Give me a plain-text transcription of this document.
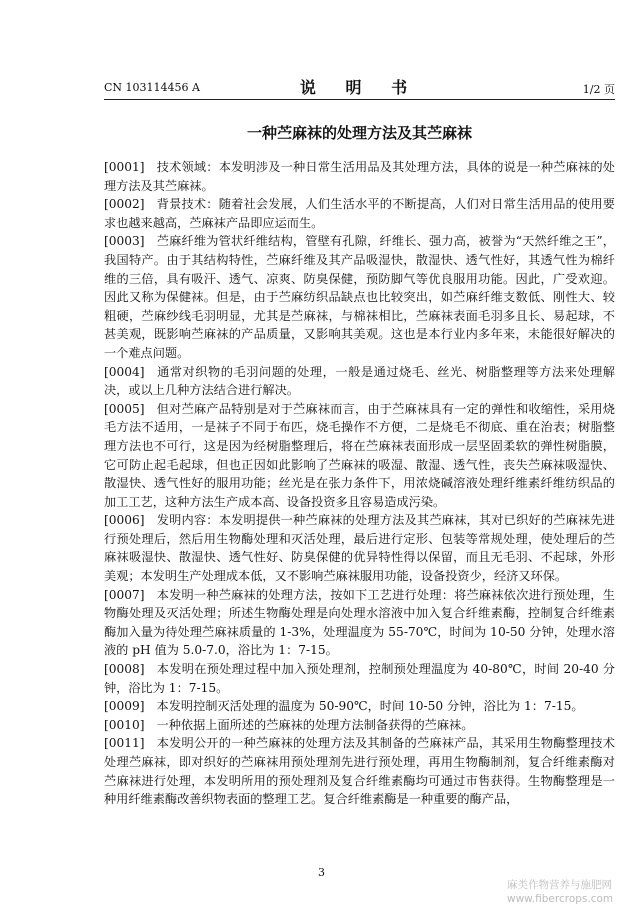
CN 103114456 A	说 明 书	1/2 页
一种苎麻袜的处理方法及其苎麻袜

[0001] 技术领域：本发明涉及一种日常生活用品及其处理方法，具体的说是一种苎麻袜的处理方法及其苎麻袜。

[0002] 背景技术：随着社会发展，人们生活水平的不断提高，人们对日常生活用品的使用要求也越来越高，苎麻袜产品即应运而生。

[0003] 苎麻纤维为管状纤维结构，管壁有孔隙，纤维长、强力高，被誉为“天然纤维之王”，我国特产。由于其结构特性，苎麻纤维及其产品吸湿快，散湿快、透气性好，其透气性为棉纤维的三倍，具有吸汗、透气、凉爽、防臭保健，预防脚气等优良服用功能。因此，广受欢迎。因此又称为保健袜。但是，由于苎麻纺织品缺点也比较突出，如苎麻纤维支数低、刚性大、较粗硬，苎麻纱线毛羽明显，尤其是苎麻袜，与棉袜相比，苎麻袜表面毛羽多且长、易起球，不甚美观，既影响苎麻袜的产品质量，又影响其美观。这也是本行业内多年来，未能很好解决的一个难点问题。

[0004] 通常对织物的毛羽问题的处理，一般是通过烧毛、丝光、树脂整理等方法来处理解决，或以上几种方法结合进行解决。

[0005] 但对苎麻产品特别是对于苎麻袜而言，由于苎麻袜具有一定的弹性和收缩性，采用烧毛方法不适用，一是袜子不同于布匹，烧毛操作不方便，二是烧毛不彻底、重在治表；树脂整理方法也不可行，这是因为经树脂整理后，将在苎麻袜表面形成一层坚固柔软的弹性树脂膜，它可防止起毛起球，但也正因如此影响了苎麻袜的吸湿、散湿、透气性，丧失苎麻袜吸湿快、散湿快、透气性好的服用功能；丝光是在张力条件下，用浓烧碱溶液处理纤维素纤维纺织品的加工工艺，这种方法生产成本高、设备投资多且容易造成污染。

[0006] 发明内容：本发明提供一种苎麻袜的处理方法及其苎麻袜，其对已织好的苎麻袜先进行预处理后，然后用生物酶处理和灭活处理，最后进行定形、包装等常规处理，使处理后的苎麻袜吸湿快、散湿快、透气性好、防臭保健的优异特性得以保留，而且无毛羽、不起球，外形美观；本发明生产处理成本低，又不影响苎麻袜服用功能，设备投资少，经济又环保。

[0007] 本发明一种苎麻袜的处理方法，按如下工艺进行处理：将苎麻袜依次进行预处理，生物酶处理及灭活处理；所述生物酶处理是向处理水溶液中加入复合纤维素酶，控制复合纤维素酶加入量为待处理苎麻袜质量的 1-3%，处理温度为 55-70℃，时间为 10-50 分钟，处理水溶液的 pH 值为 5.0-7.0，浴比为 1：7-15。

[0008] 本发明在预处理过程中加入预处理剂，控制预处理温度为 40-80℃，时间 20-40 分钟，浴比为 1：7-15。

[0009] 本发明控制灭活处理的温度为 50-90℃，时间 10-50 分钟，浴比为 1：7-15。

[0010] 一种依据上面所述的苎麻袜的处理方法制备获得的苎麻袜。

[0011] 本发明公开的一种苎麻袜的处理方法及其制备的苎麻袜产品，其采用生物酶整理技术处理苎麻袜，即对织好的苎麻袜用预处理剂先进行预处理，再用生物酶制剂，复合纤维素酶对苎麻袜进行处理，本发明所用的预处理剂及复合纤维素酶均可通过市售获得。生物酶整理是一种用纤维素酶改善织物表面的整理工艺。复合纤维素酶是一种重要的酶产品，

3
麻类作物营养与施肥网 www.fibercrops.com
